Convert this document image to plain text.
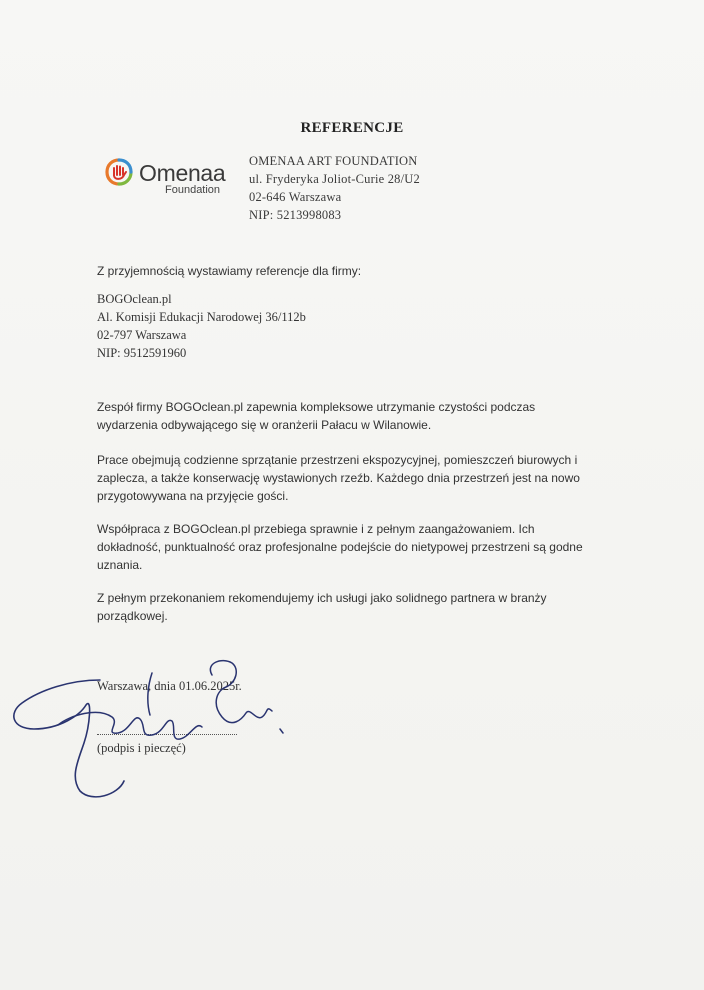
REFERENCJE
Omenaa
Foundation
OMENAA ART FOUNDATION
ul. Fryderyka Joliot-Curie 28/U2
02-646 Warszawa
NIP: 5213998083
Z przyjemnością wystawiamy referencje dla firmy:
BOGOclean.pl
Al. Komisji Edukacji Narodowej 36/112b
02-797 Warszawa
NIP: 9512591960
Zespół firmy BOGOclean.pl zapewnia kompleksowe utrzymanie czystości podczas wydarzenia odbywającego się w oranżerii Pałacu w Wilanowie.
Prace obejmują codzienne sprzątanie przestrzeni ekspozycyjnej, pomieszczeń biurowych i zaplecza, a także konserwację wystawionych rzeźb. Każdego dnia przestrzeń jest na nowo przygotowywana na przyjęcie gości.
Współpraca z BOGOclean.pl przebiega sprawnie i z pełnym zaangażowaniem. Ich dokładność, punktualność oraz profesjonalne podejście do nietypowej przestrzeni są godne uznania.
Z pełnym przekonaniem rekomendujemy ich usługi jako solidnego partnera w branży porządkowej.
Warszawa, dnia 01.06.2025r.
(podpis i pieczęć)
